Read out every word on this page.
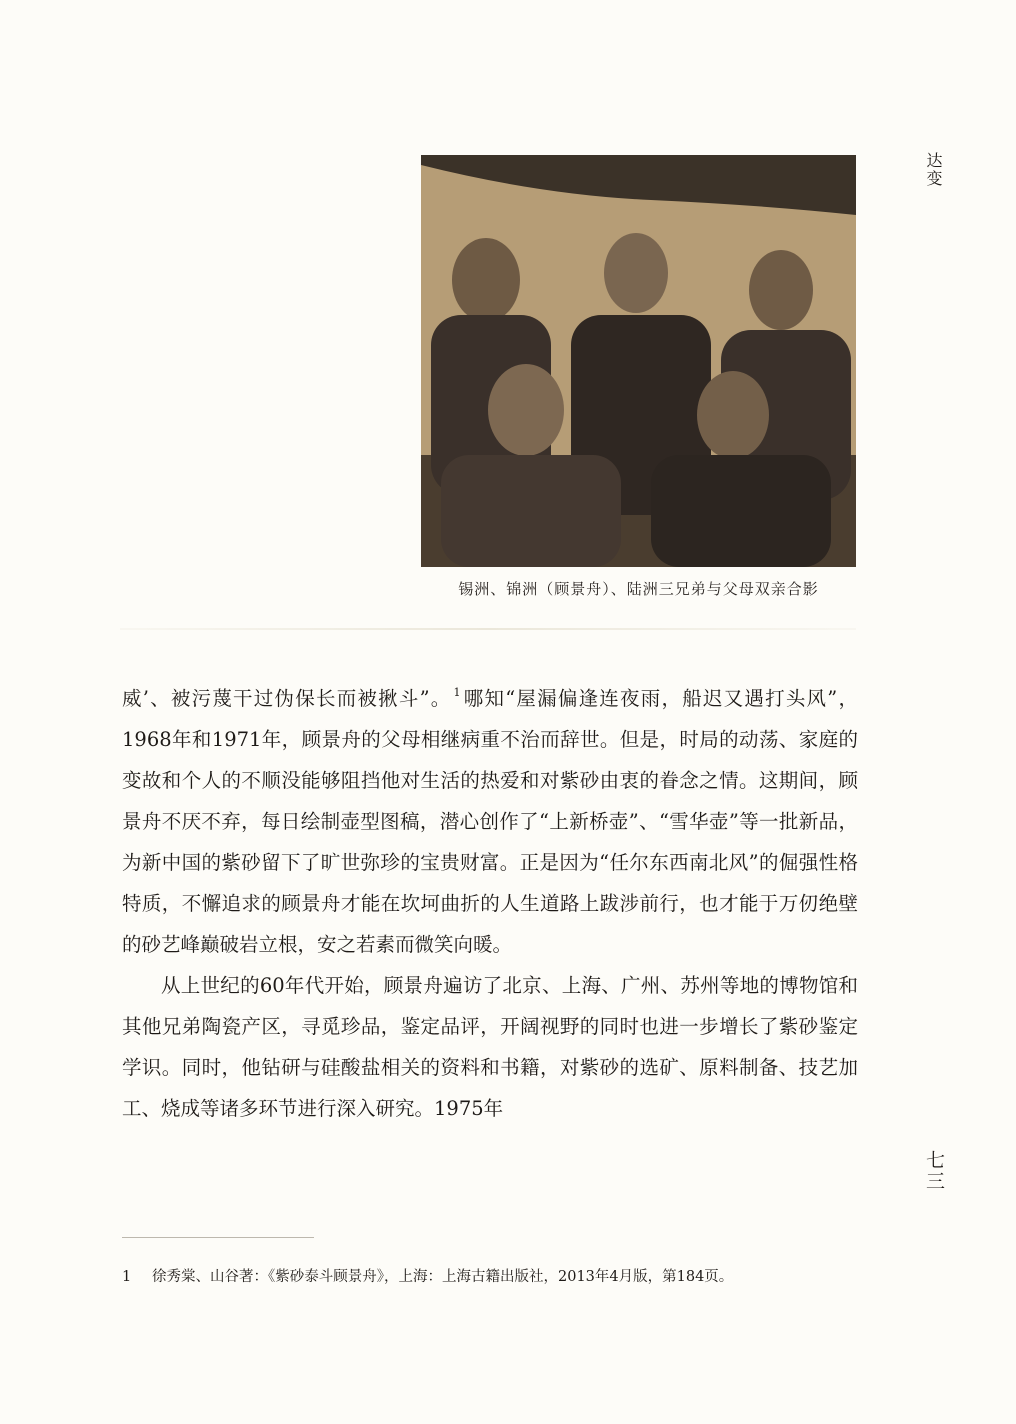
锡洲、锦洲（顾景舟）、陆洲三兄弟与父母双亲合影
达变

威’、被污蔑干过伪保长而被揪斗”。 $^1$ 哪知“屋漏偏逢连夜雨，船迟又遇打头风”，1968年和1971年，顾景舟的父母相继病重不治而辞世。但是，时局的动荡、家庭的变故和个人的不顺没能够阻挡他对生活的热爱和对紫砂由衷的眷念之情。这期间，顾景舟不厌不弃，每日绘制壶型图稿，潜心创作了“上新桥壶”、“雪华壶”等一批新品，为新中国的紫砂留下了旷世弥珍的宝贵财富。正是因为“任尔东西南北风”的倔强性格特质，不懈追求的顾景舟才能在坎坷曲折的人生道路上跋涉前行，也才能于万仞绝壁的砂艺峰巅破岩立根，安之若素而微笑向暖。

从上世纪的60年代开始，顾景舟遍访了北京、上海、广州、苏州等地的博物馆和其他兄弟陶瓷产区，寻觅珍品，鉴定品评，开阔视野的同时也进一步增长了紫砂鉴定学识。同时，他钻研与硅酸盐相关的资料和书籍，对紫砂的选矿、原料制备、技艺加工、烧成等诸多环节进行深入研究。1975年

七三
1 徐秀棠、山谷著：《紫砂泰斗顾景舟》，上海：上海古籍出版社，2013年4月版，第184页。
